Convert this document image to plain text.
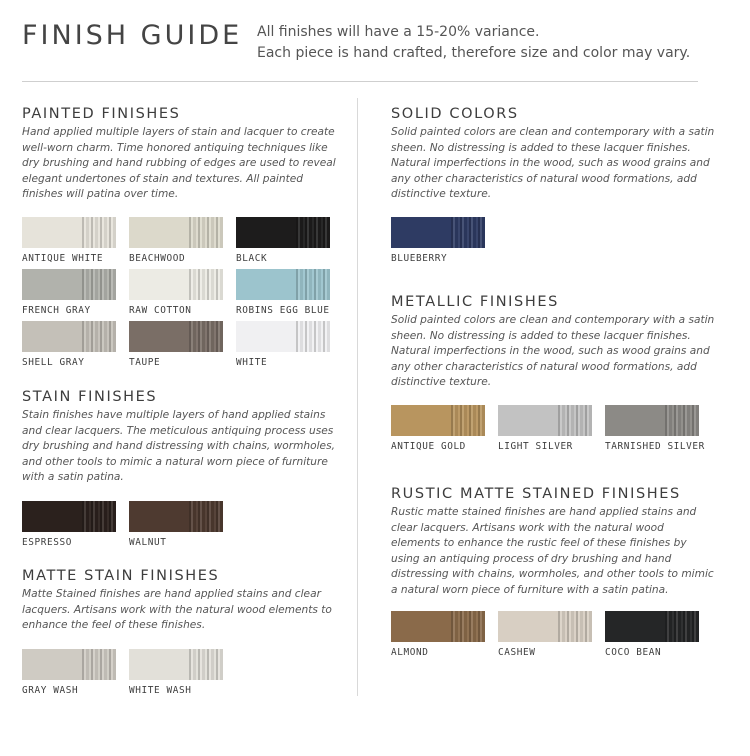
FINISH GUIDE All finishes will have a 15-20% variance.
Each piece is hand crafted, therefore size and color may vary.
PAINTED FINISHES

Hand applied multiple layers of stain and lacquer to create well-worn charm. Time honored antiquing techniques like dry brushing and hand rubbing of edges are used to reveal elegant undertones of stain and textures. All painted finishes will patina over time.

ANTIQUE WHITE	BEACHWOOD	BLACK
FRENCH GRAY	RAW COTTON	ROBINS EGG BLUE
SHELL GRAY	TAUPE	WHITE
STAIN FINISHES

Stain finishes have multiple layers of hand applied stains and clear lacquers. The meticulous antiquing process uses dry brushing and hand distressing with chains, wormholes, and other tools to mimic a natural worn piece of furniture with a satin patina.

ESPRESSO	WALNUT
MATTE STAIN FINISHES

Matte Stained finishes are hand applied stains and clear lacquers. Artisans work with the natural wood elements to enhance the feel of these finishes.

GRAY WASH	WHITE WASH
SOLID COLORS

Solid painted colors are clean and contemporary with a satin sheen. No distressing is added to these lacquer finishes. Natural imperfections in the wood, such as wood grains and any other characteristics of natural wood formations, add distinctive texture.

BLUEBERRY
METALLIC FINISHES

Solid painted colors are clean and contemporary with a satin sheen. No distressing is added to these lacquer finishes. Natural imperfections in the wood, such as wood grains and any other characteristics of natural wood formations, add distinctive texture.

ANTIQUE GOLD	LIGHT SILVER	TARNISHED SILVER
RUSTIC MATTE STAINED FINISHES

Rustic matte stained finishes are hand applied stains and clear lacquers. Artisans work with the natural wood elements to enhance the rustic feel of these finishes by using an antiquing process of dry brushing and hand distressing with chains, wormholes, and other tools to mimic a natural worn piece of furniture with a satin patina.

ALMOND	CASHEW	COCO BEAN
